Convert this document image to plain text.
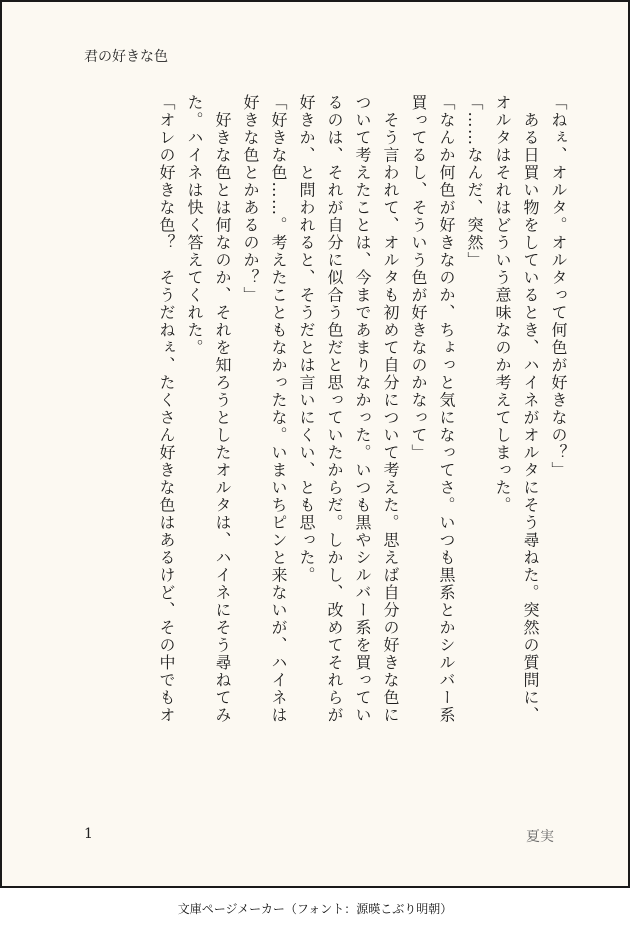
君の好きな色

「ねぇ、オルタ。オルタって何色が好きなの？」

　ある日買い物をしているとき、ハイネがオルタにそう尋ねた。突然の質問に、

オルタはそれはどういう意味なのか考えてしまった。

「……なんだ、突然」

「なんか何色が好きなのか、ちょっと気になってさ。いつも黒系とかシルバー系

買ってるし、そういう色が好きなのかなって」

　そう言われて、オルタも初めて自分について考えた。思えば自分の好きな色に

ついて考えたことは、今まであまりなかった。いつも黒やシルバー系を買ってい

るのは、それが自分に似合う色だと思っていたからだ。しかし、改めてそれらが

好きか、と問われると、そうだとは言いにくい、とも思った。

「好きな色……。考えたこともなかったな。いまいちピンと来ないが、ハイネは

好きな色とかあるのか？」

　好きな色とは何なのか、それを知ろうとしたオルタは、ハイネにそう尋ねてみ

た。ハイネは快く答えてくれた。

「オレの好きな色？　そうだねぇ、たくさん好きな色はあるけど、その中でもオ

1	夏実
文庫ページメーカー（フォント：源暎こぶり明朝）
